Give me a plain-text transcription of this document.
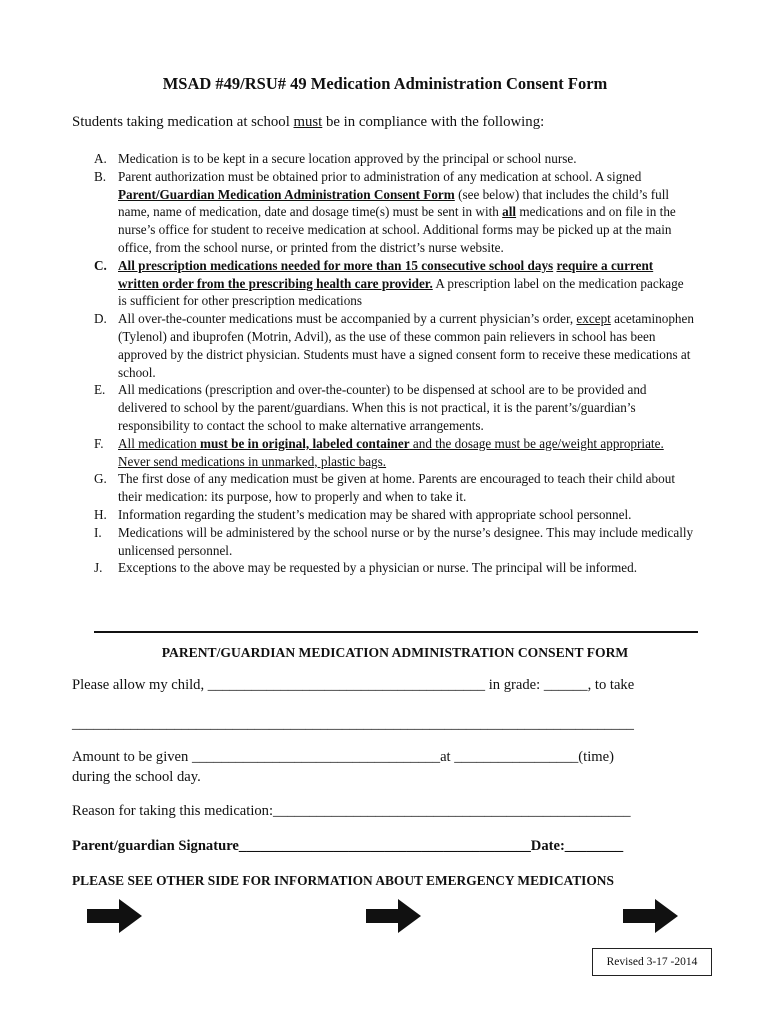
MSAD #49/RSU# 49 Medication Administration Consent Form
Students taking medication at school must be in compliance with the following:
A. Medication is to be kept in a secure location approved by the principal or school nurse.
B. Parent authorization must be obtained prior to administration of any medication at school. A signed Parent/Guardian Medication Administration Consent Form (see below) that includes the child’s full name, name of medication, date and dosage time(s) must be sent in with all medications and on file in the nurse’s office for student to receive medication at school. Additional forms may be picked up at the main office, from the school nurse, or printed from the district’s nurse website.
C. All prescription medications needed for more than 15 consecutive school days require a current written order from the prescribing health care provider. A prescription label on the medication package is sufficient for other prescription medications
D. All over-the-counter medications must be accompanied by a current physician’s order, except acetaminophen (Tylenol) and ibuprofen (Motrin, Advil), as the use of these common pain relievers in school has been approved by the district physician. Students must have a signed consent form to receive these medications at school.
E. All medications (prescription and over-the-counter) to be dispensed at school are to be provided and delivered to school by the parent/guardians. When this is not practical, it is the parent’s/guardian’s responsibility to contact the school to make alternative arrangements.
F.	All medication must be in original, labeled container and the dosage must be age/weight appropriate. Never send medications in unmarked, plastic bags.
G. The first dose of any medication must be given at home. Parents are encouraged to teach their child about their medication: its purpose, how to properly and when to take it.
H. Information regarding the student’s medication may be shared with appropriate school personnel.
I.	Medications will be administered by the school nurse or by the nurse’s designee. This may include medically unlicensed personnel.
J.	Exceptions to the above may be requested by a physician or nurse. The principal will be informed.
PARENT/GUARDIAN MEDICATION ADMINISTRATION CONSENT FORM
Please allow my child, ______________________________________ in grade: ______, to take
_____________________________________________________________________________
Amount to be given __________________________________at _________________(time)
during the school day.
Reason for taking this medication:_________________________________________________
Parent/guardian Signature________________________________________Date:________
PLEASE SEE OTHER SIDE FOR INFORMATION ABOUT EMERGENCY MEDICATIONS
Revised 3-17 -2014
